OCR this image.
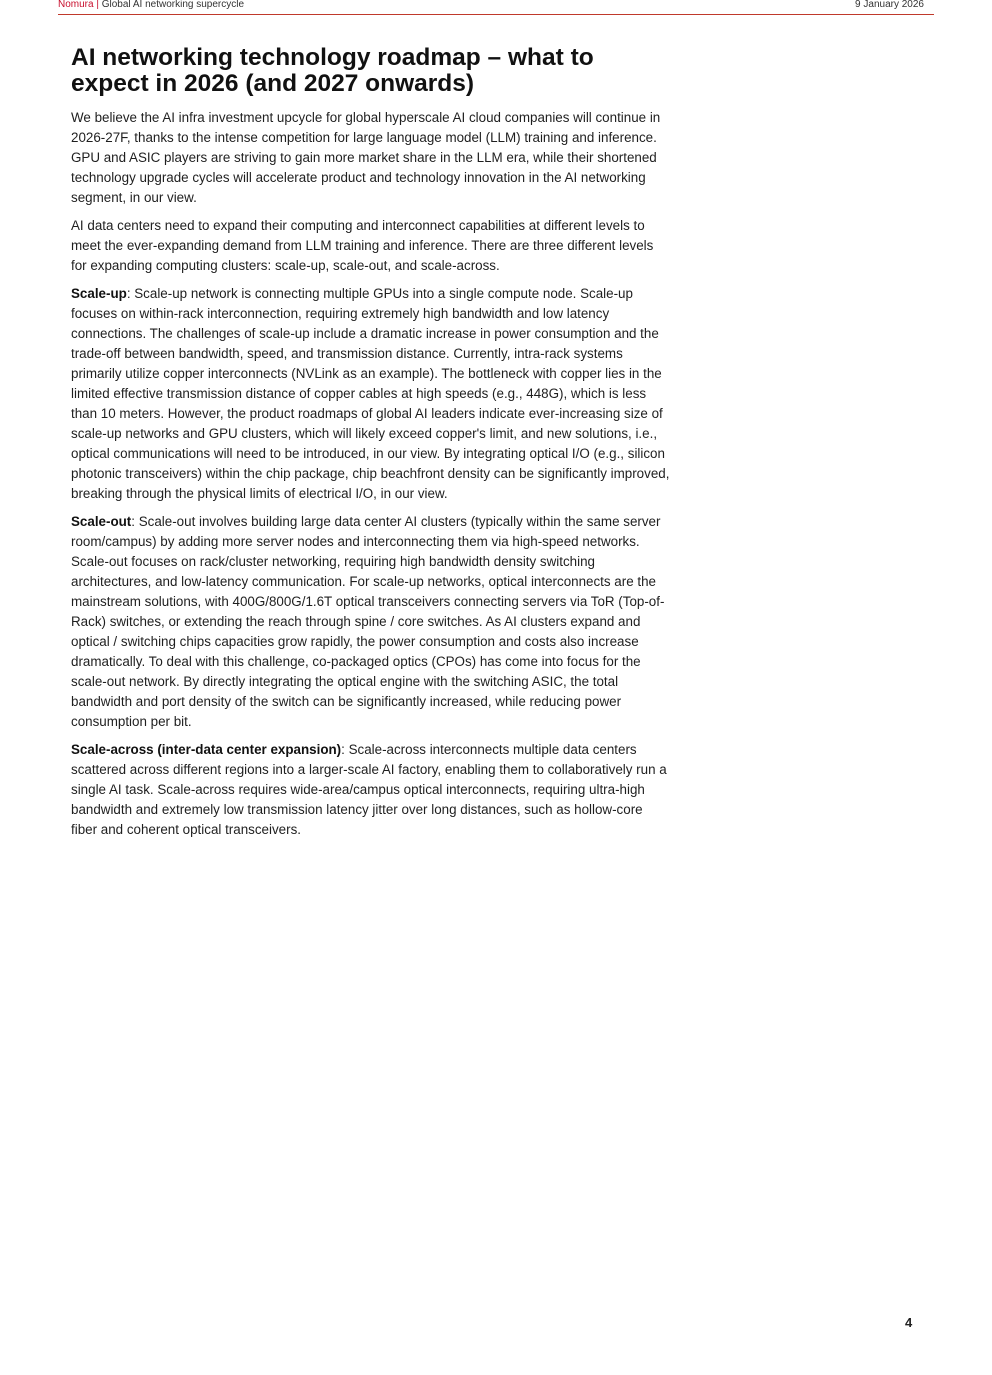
Nomura | Global AI networking supercycle	9 January 2026
AI networking technology roadmap – what to expect in 2026 (and 2027 onwards)

We believe the AI infra investment upcycle for global hyperscale AI cloud companies will continue in 2026-27F, thanks to the intense competition for large language model (LLM) training and inference. GPU and ASIC players are striving to gain more market share in the LLM era, while their shortened technology upgrade cycles will accelerate product and technology innovation in the AI networking segment, in our view.

AI data centers need to expand their computing and interconnect capabilities at different levels to meet the ever-expanding demand from LLM training and inference. There are three different levels for expanding computing clusters: scale-up, scale-out, and scale-across.

Scale-up: Scale-up network is connecting multiple GPUs into a single compute node. Scale-up focuses on within-rack interconnection, requiring extremely high bandwidth and low latency connections. The challenges of scale-up include a dramatic increase in power consumption and the trade-off between bandwidth, speed, and transmission distance. Currently, intra-rack systems primarily utilize copper interconnects (NVLink as an example). The bottleneck with copper lies in the limited effective transmission distance of copper cables at high speeds (e.g., 448G), which is less than 10 meters. However, the product roadmaps of global AI leaders indicate ever-increasing size of scale-up networks and GPU clusters, which will likely exceed copper's limit, and new solutions, i.e., optical communications will need to be introduced, in our view. By integrating optical I/O (e.g., silicon photonic transceivers) within the chip package, chip beachfront density can be significantly improved, breaking through the physical limits of electrical I/O, in our view.

Scale-out: Scale-out involves building large data center AI clusters (typically within the same server room/campus) by adding more server nodes and interconnecting them via high-speed networks. Scale-out focuses on rack/cluster networking, requiring high bandwidth density switching architectures, and low-latency communication. For scale-up networks, optical interconnects are the mainstream solutions, with 400G/800G/1.6T optical transceivers connecting servers via ToR (Top-of-Rack) switches, or extending the reach through spine / core switches. As AI clusters expand and optical / switching chips capacities grow rapidly, the power consumption and costs also increase dramatically. To deal with this challenge, co-packaged optics (CPOs) has come into focus for the scale-out network. By directly integrating the optical engine with the switching ASIC, the total bandwidth and port density of the switch can be significantly increased, while reducing power consumption per bit.

Scale-across (inter-data center expansion): Scale-across interconnects multiple data centers scattered across different regions into a larger-scale AI factory, enabling them to collaboratively run a single AI task. Scale-across requires wide-area/campus optical interconnects, requiring ultra-high bandwidth and extremely low transmission latency jitter over long distances, such as hollow-core fiber and coherent optical transceivers.

4
